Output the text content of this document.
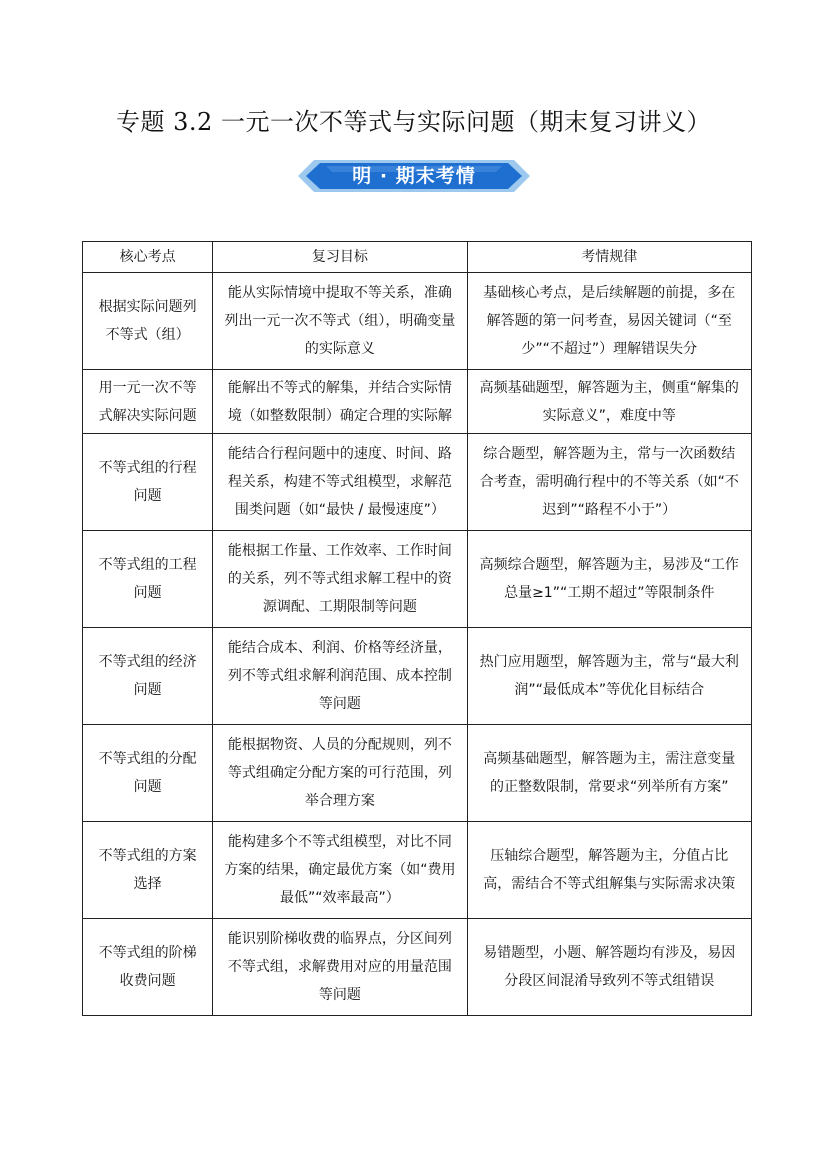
专题 3.2 一元一次不等式与实际问题（期末复习讲义）
明 · 期末考情
核心考点	复习目标	考情规律
根据实际问题列不等式（组）	能从实际情境中提取不等关系，准确列出一元一次不等式（组），明确变量的实际意义	基础核心考点，是后续解题的前提，多在解答题的第一问考查，易因关键词（“至少”“不超过”）理解错误失分
用一元一次不等式解决实际问题	能解出不等式的解集，并结合实际情境（如整数限制）确定合理的实际解	高频基础题型，解答题为主，侧重“解集的实际意义”，难度中等
不等式组的行程问题	能结合行程问题中的速度、时间、路程关系，构建不等式组模型，求解范围类问题（如“最快 / 最慢速度”）	综合题型，解答题为主，常与一次函数结合考查，需明确行程中的不等关系（如“不迟到”“路程不小于”）
不等式组的工程问题	能根据工作量、工作效率、工作时间的关系，列不等式组求解工程中的资源调配、工期限制等问题	高频综合题型，解答题为主，易涉及“工作总量≥1”“工期不超过”等限制条件
不等式组的经济问题	能结合成本、利润、价格等经济量，列不等式组求解利润范围、成本控制等问题	热门应用题型，解答题为主，常与“最大利润”“最低成本”等优化目标结合
不等式组的分配问题	能根据物资、人员的分配规则，列不等式组确定分配方案的可行范围，列举合理方案	高频基础题型，解答题为主，需注意变量的正整数限制，常要求“列举所有方案”
不等式组的方案选择	能构建多个不等式组模型，对比不同方案的结果，确定最优方案（如“费用最低”“效率最高”）	压轴综合题型，解答题为主，分值占比高，需结合不等式组解集与实际需求决策
不等式组的阶梯收费问题	能识别阶梯收费的临界点，分区间列不等式组，求解费用对应的用量范围等问题	易错题型，小题、解答题均有涉及，易因分段区间混淆导致列不等式组错误
